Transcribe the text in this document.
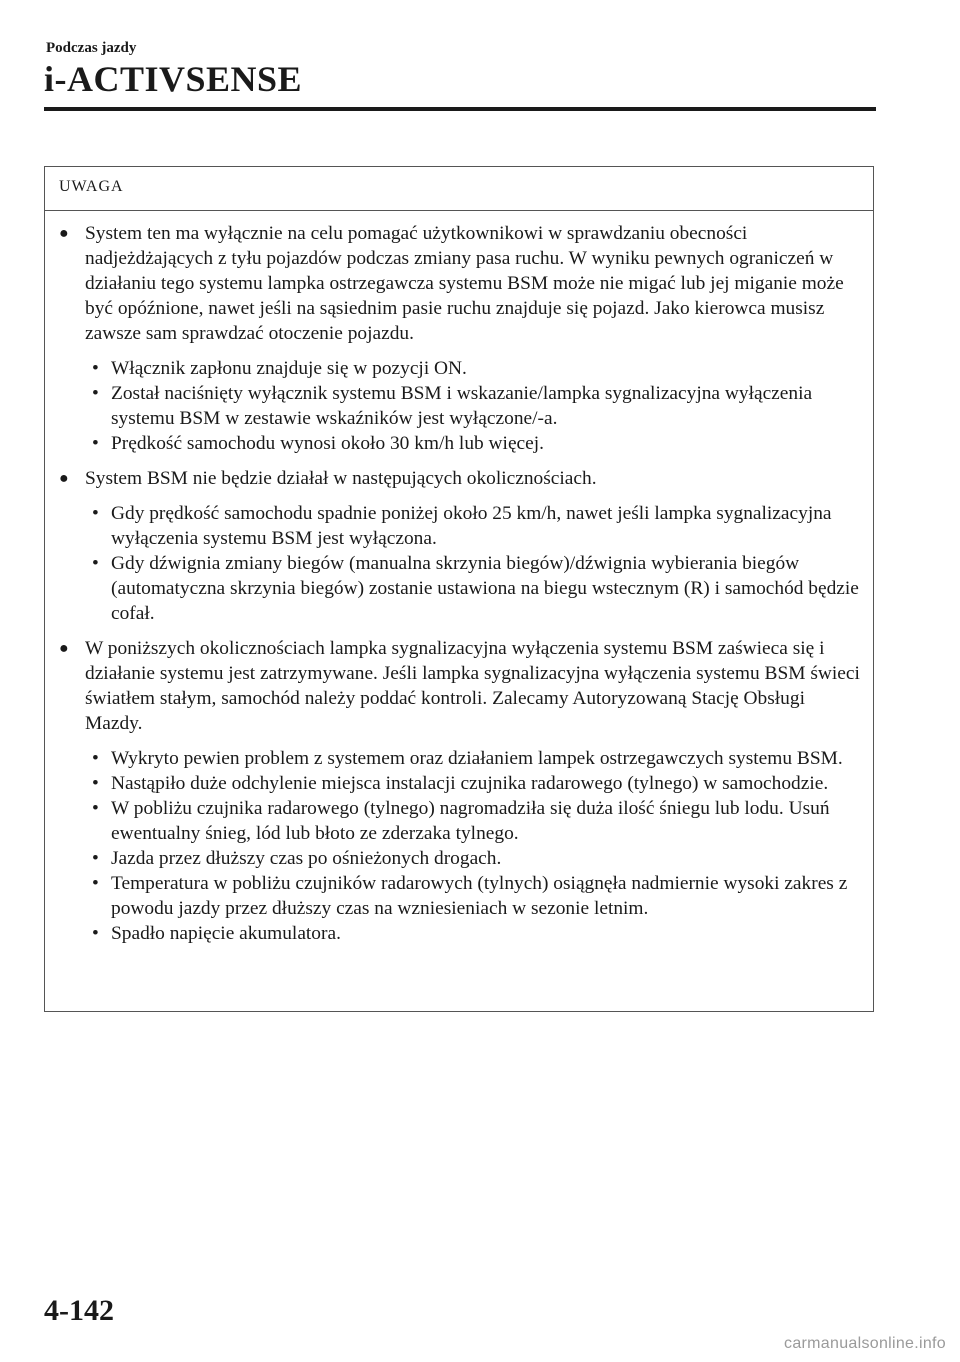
Podczas jazdy
i-ACTIVSENSE
UWAGA
● System ten ma wyłącznie na celu pomagać użytkownikowi w sprawdzaniu obecności nadjeżdżających z tyłu pojazdów podczas zmiany pasa ruchu. W wyniku pewnych ograniczeń w działaniu tego systemu lampka ostrzegawcza systemu BSM może nie migać lub jej miganie może być opóźnione, nawet jeśli na sąsiednim pasie ruchu znajduje się pojazd. Jako kierowca musisz zawsze sam sprawdzać otoczenie pojazdu.
• Włącznik zapłonu znajduje się w pozycji ON.
• Został naciśnięty wyłącznik systemu BSM i wskazanie/lampka sygnalizacyjna wyłączenia systemu BSM w zestawie wskaźników jest wyłączone/-a.
• Prędkość samochodu wynosi około 30 km/h lub więcej.
● System BSM nie będzie działał w następujących okolicznościach.
• Gdy prędkość samochodu spadnie poniżej około 25 km/h, nawet jeśli lampka sygnalizacyjna wyłączenia systemu BSM jest wyłączona.
• Gdy dźwignia zmiany biegów (manualna skrzynia biegów)/dźwignia wybierania biegów (automatyczna skrzynia biegów) zostanie ustawiona na biegu wstecznym (R) i samochód będzie cofał.
● W poniższych okolicznościach lampka sygnalizacyjna wyłączenia systemu BSM zaświeca się i działanie systemu jest zatrzymywane. Jeśli lampka sygnalizacyjna wyłączenia systemu BSM świeci światłem stałym, samochód należy poddać kontroli. Zalecamy Autoryzowaną Stację Obsługi Mazdy.
• Wykryto pewien problem z systemem oraz działaniem lampek ostrzegawczych systemu BSM.
• Nastąpiło duże odchylenie miejsca instalacji czujnika radarowego (tylnego) w samochodzie.
• W pobliżu czujnika radarowego (tylnego) nagromadziła się duża ilość śniegu lub lodu. Usuń ewentualny śnieg, lód lub błoto ze zderzaka tylnego.
• Jazda przez dłuższy czas po ośnieżonych drogach.
• Temperatura w pobliżu czujników radarowych (tylnych) osiągnęła nadmiernie wysoki zakres z powodu jazdy przez dłuższy czas na wzniesieniach w sezonie letnim.
• Spadło napięcie akumulatora.
4-142
carmanualsonline.info
